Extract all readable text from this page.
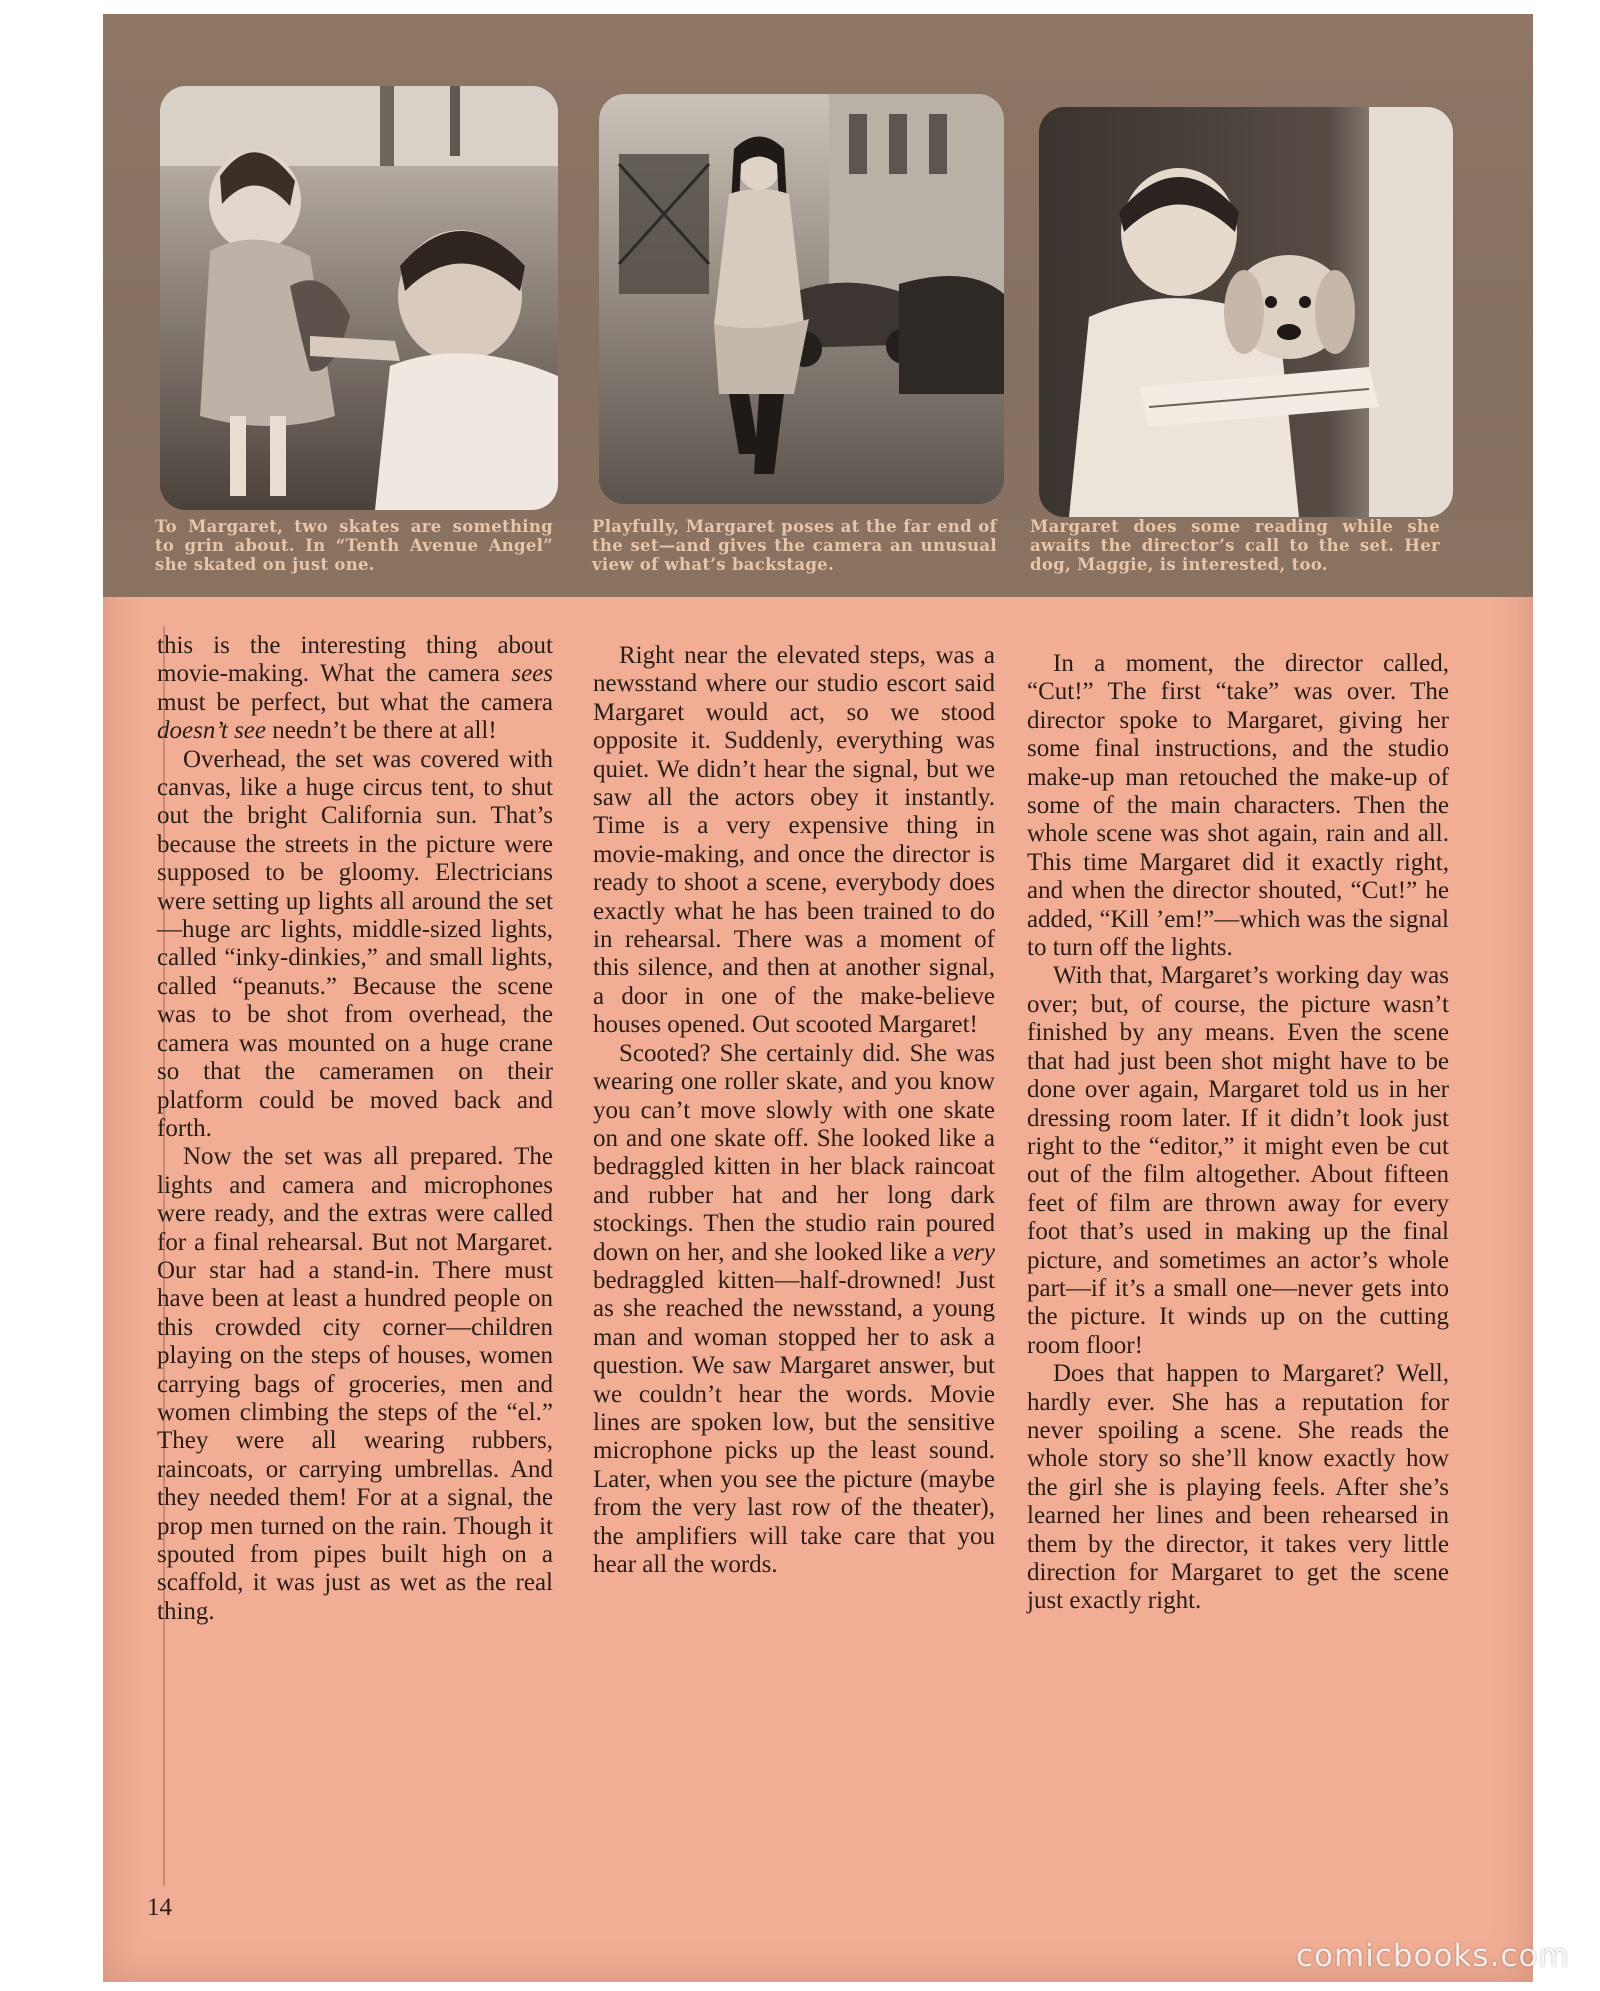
To Margaret, two skates are something to grin about. In “Tenth Avenue Angel” she skated on just one.

Playfully, Margaret poses at the far end of the set—and gives the camera an unusual view of what’s backstage.

Margaret does some reading while she awaits the director’s call to the set. Her dog, Maggie, is interested, too.

this is the interesting thing about movie-making. What the camera sees must be perfect, but what the camera doesn’t see needn’t be there at all!

Overhead, the set was covered with canvas, like a huge circus tent, to shut out the bright California sun. That’s because the streets in the picture were supposed to be gloomy. Electricians were setting up lights all around the set—huge arc lights, middle-sized lights, called “inky-dinkies,” and small lights, called “peanuts.” Because the scene was to be shot from overhead, the camera was mounted on a huge crane so that the cameramen on their platform could be moved back and forth.

Now the set was all prepared. The lights and camera and microphones were ready, and the extras were called for a final rehearsal. But not Margaret. Our star had a stand-in. There must have been at least a hundred people on this crowded city corner—children playing on the steps of houses, women carrying bags of groceries, men and women climbing the steps of the “el.” They were all wearing rubbers, raincoats, or carrying umbrellas. And they needed them! For at a signal, the prop men turned on the rain. Though it spouted from pipes built high on a scaffold, it was just as wet as the real thing.

Right near the elevated steps, was a newsstand where our studio escort said Margaret would act, so we stood opposite it. Suddenly, everything was quiet. We didn’t hear the signal, but we saw all the actors obey it instantly. Time is a very expensive thing in movie-making, and once the director is ready to shoot a scene, everybody does exactly what he has been trained to do in rehearsal. There was a moment of this silence, and then at another signal, a door in one of the make-believe houses opened. Out scooted Margaret!

Scooted? She certainly did. She was wearing one roller skate, and you know you can’t move slowly with one skate on and one skate off. She looked like a bedraggled kitten in her black raincoat and rubber hat and her long dark stockings. Then the studio rain poured down on her, and she looked like a very bedraggled kitten—half-drowned! Just as she reached the newsstand, a young man and woman stopped her to ask a question. We saw Margaret answer, but we couldn’t hear the words. Movie lines are spoken low, but the sensitive microphone picks up the least sound. Later, when you see the picture (maybe from the very last row of the theater), the amplifiers will take care that you hear all the words.

In a moment, the director called, “Cut!” The first “take” was over. The director spoke to Margaret, giving her some final instructions, and the studio make-up man retouched the make-up of some of the main characters. Then the whole scene was shot again, rain and all. This time Margaret did it exactly right, and when the director shouted, “Cut!” he added, “Kill ’em!”—which was the signal to turn off the lights.

With that, Margaret’s working day was over; but, of course, the picture wasn’t finished by any means. Even the scene that had just been shot might have to be done over again, Margaret told us in her dressing room later. If it didn’t look just right to the “editor,” it might even be cut out of the film altogether. About fifteen feet of film are thrown away for every foot that’s used in making up the final picture, and sometimes an actor’s whole part—if it’s a small one—never gets into the picture. It winds up on the cutting room floor!

Does that happen to Margaret? Well, hardly ever. She has a reputation for never spoiling a scene. She reads the whole story so she’ll know exactly how the girl she is playing feels. After she’s learned her lines and been rehearsed in them by the director, it takes very little direction for Margaret to get the scene just exactly right.

14

comicbooks.com
